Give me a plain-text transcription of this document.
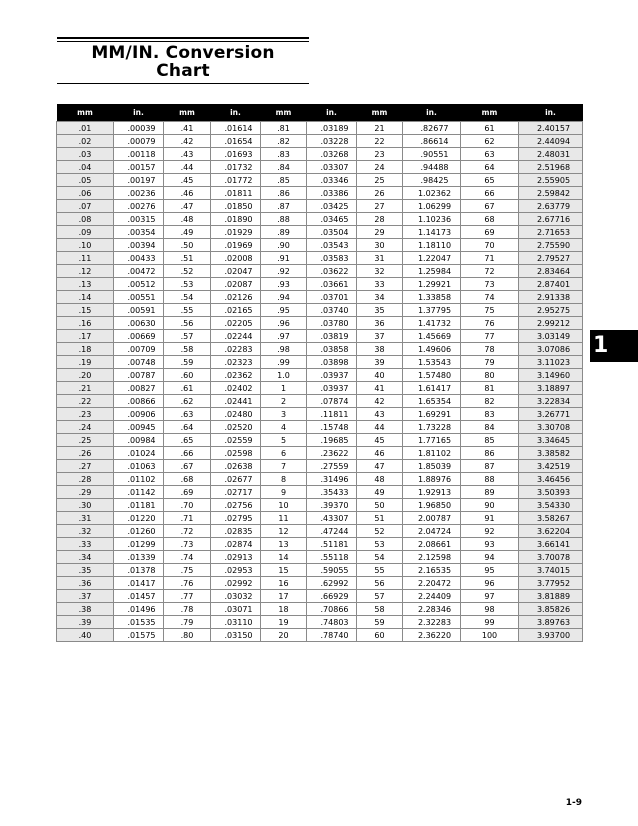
MM/IN. Conversion
Chart
mm	in.	mm	in.	mm	in.	mm	in.	mm	in.
.01	.00039	.41	.01614	.81	.03189	21	.82677	61	2.40157
.02	.00079	.42	.01654	.82	.03228	22	.86614	62	2.44094
.03	.00118	.43	.01693	.83	.03268	23	.90551	63	2.48031
.04	.00157	.44	.01732	.84	.03307	24	.94488	64	2.51968
.05	.00197	.45	.01772	.85	.03346	25	.98425	65	2.55905
.06	.00236	.46	.01811	.86	.03386	26	1.02362	66	2.59842
.07	.00276	.47	.01850	.87	.03425	27	1.06299	67	2.63779
.08	.00315	.48	.01890	.88	.03465	28	1.10236	68	2.67716
.09	.00354	.49	.01929	.89	.03504	29	1.14173	69	2.71653
.10	.00394	.50	.01969	.90	.03543	30	1.18110	70	2.75590
.11	.00433	.51	.02008	.91	.03583	31	1.22047	71	2.79527
.12	.00472	.52	.02047	.92	.03622	32	1.25984	72	2.83464
.13	.00512	.53	.02087	.93	.03661	33	1.29921	73	2.87401
.14	.00551	.54	.02126	.94	.03701	34	1.33858	74	2.91338
.15	.00591	.55	.02165	.95	.03740	35	1.37795	75	2.95275
.16	.00630	.56	.02205	.96	.03780	36	1.41732	76	2.99212
.17	.00669	.57	.02244	.97	.03819	37	1.45669	77	3.03149
.18	.00709	.58	.02283	.98	.03858	38	1.49606	78	3.07086
.19	.00748	.59	.02323	.99	.03898	39	1.53543	79	3.11023
.20	.00787	.60	.02362	1.0	.03937	40	1.57480	80	3.14960
.21	.00827	.61	.02402	1	.03937	41	1.61417	81	3.18897
.22	.00866	.62	.02441	2	.07874	42	1.65354	82	3.22834
.23	.00906	.63	.02480	3	.11811	43	1.69291	83	3.26771
.24	.00945	.64	.02520	4	.15748	44	1.73228	84	3.30708
.25	.00984	.65	.02559	5	.19685	45	1.77165	85	3.34645
.26	.01024	.66	.02598	6	.23622	46	1.81102	86	3.38582
.27	.01063	.67	.02638	7	.27559	47	1.85039	87	3.42519
.28	.01102	.68	.02677	8	.31496	48	1.88976	88	3.46456
.29	.01142	.69	.02717	9	.35433	49	1.92913	89	3.50393
.30	.01181	.70	.02756	10	.39370	50	1.96850	90	3.54330
.31	.01220	.71	.02795	11	.43307	51	2.00787	91	3.58267
.32	.01260	.72	.02835	12	.47244	52	2.04724	92	3.62204
.33	.01299	.73	.02874	13	.51181	53	2.08661	93	3.66141
.34	.01339	.74	.02913	14	.55118	54	2.12598	94	3.70078
.35	.01378	.75	.02953	15	.59055	55	2.16535	95	3.74015
.36	.01417	.76	.02992	16	.62992	56	2.20472	96	3.77952
.37	.01457	.77	.03032	17	.66929	57	2.24409	97	3.81889
.38	.01496	.78	.03071	18	.70866	58	2.28346	98	3.85826
.39	.01535	.79	.03110	19	.74803	59	2.32283	99	3.89763
.40	.01575	.80	.03150	20	.78740	60	2.36220	100	3.93700
1
1-9
